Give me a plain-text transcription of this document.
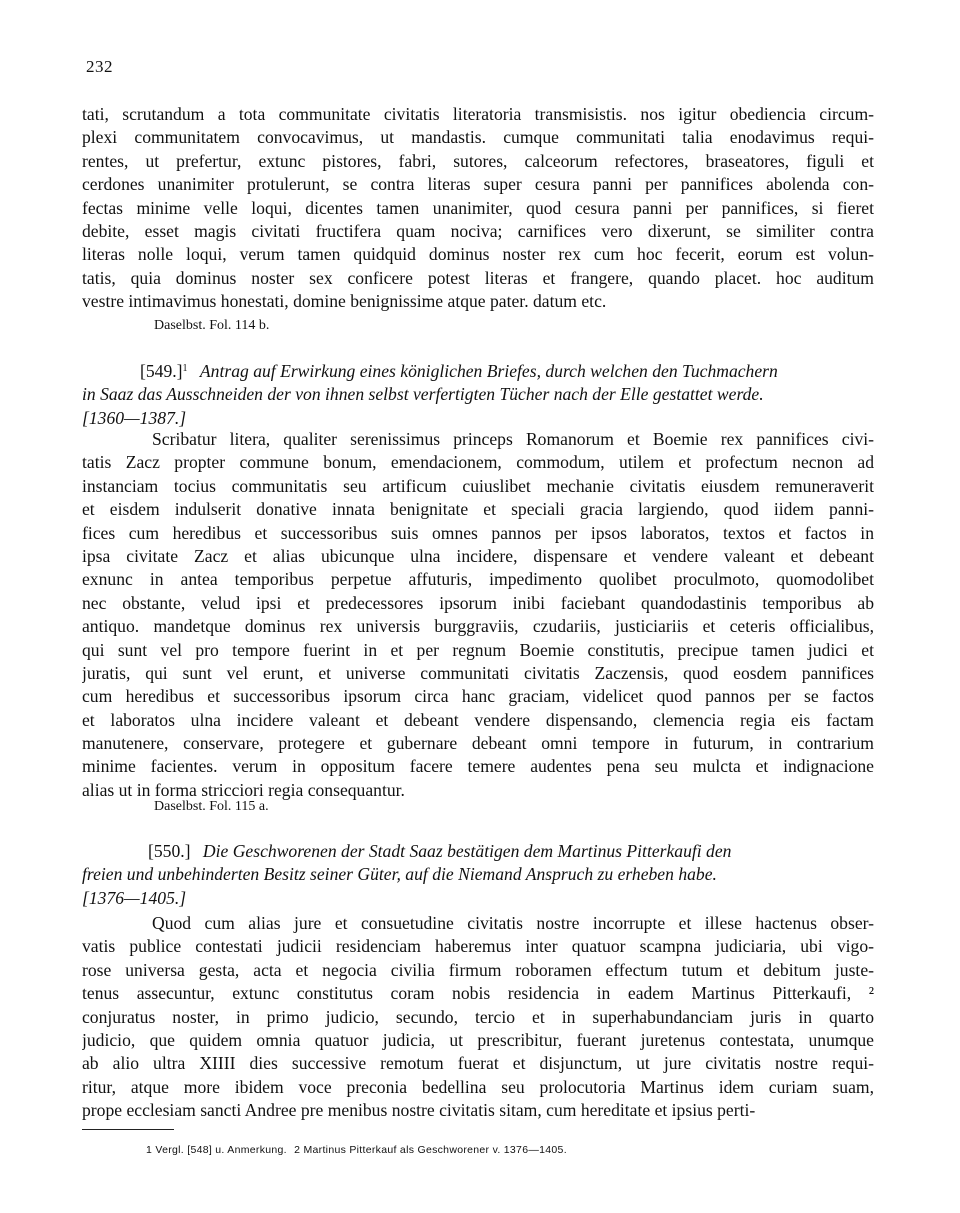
232
tati, scrutandum a tota communitate civitatis literatoria transmisistis. nos igitur obediencia circum-
plexi communitatem convocavimus, ut mandastis. cumque communitati talia enodavimus requi-
rentes, ut prefertur, extunc pistores, fabri, sutores, calceorum refectores, braseatores, figuli et
cerdones unanimiter protulerunt, se contra literas super cesura panni per pannifices abolenda con-
fectas minime velle loqui, dicentes tamen unanimiter, quod cesura panni per pannifices, si fieret
debite, esset magis civitati fructifera quam nociva; carnifices vero dixerunt, se similiter contra
literas nolle loqui, verum tamen quidquid dominus noster rex cum hoc fecerit, eorum est volun-
tatis, quia dominus noster sex conficere potest literas et frangere, quando placet. hoc auditum
vestre intimavimus honestati, domine benignissime atque pater. datum etc.
Daselbst. Fol. 114 b.
$[549.]^1$ Antrag auf Erwirkung eines königlichen Briefes, durch welchen den Tuchmachern
in Saaz das Ausschneiden der von ihnen selbst verfertigten Tücher nach der Elle gestattet werde.
[1360—1387.]
Scribatur litera, qualiter serenissimus princeps Romanorum et Boemie rex pannifices civi-
tatis Zacz propter commune bonum, emendacionem, commodum, utilem et profectum necnon ad
instanciam tocius communitatis seu artificum cuiuslibet mechanie civitatis eiusdem remuneraverit
et eisdem indulserit donative innata benignitate et speciali gracia largiendo, quod iidem panni-
fices cum heredibus et successoribus suis omnes pannos per ipsos laboratos, textos et factos in
ipsa civitate Zacz et alias ubicunque ulna incidere, dispensare et vendere valeant et debeant
exnunc in antea temporibus perpetue affuturis, impedimento quolibet proculmoto, quomodolibet
nec obstante, velud ipsi et predecessores ipsorum inibi faciebant quandodastinis temporibus ab
antiquo. mandetque dominus rex universis burggraviis, czudariis, justiciariis et ceteris officialibus,
qui sunt vel pro tempore fuerint in et per regnum Boemie constitutis, precipue tamen judici et
juratis, qui sunt vel erunt, et universe communitati civitatis Zaczensis, quod eosdem pannifices
cum heredibus et successoribus ipsorum circa hanc graciam, videlicet quod pannos per se factos
et laboratos ulna incidere valeant et debeant vendere dispensando, clemencia regia eis factam
manutenere, conservare, protegere et gubernare debeant omni tempore in futurum, in contrarium
minime facientes. verum in oppositum facere temere audentes pena seu mulcta et indignacione
alias ut in forma stricciori regia consequantur.
Daselbst. Fol. 115 a.
[550.] Die Geschworenen der Stadt Saaz bestätigen dem Martinus Pitterkaufi den
freien und unbehinderten Besitz seiner Güter, auf die Niemand Anspruch zu erheben habe.
[1376—1405.]
Quod cum alias jure et consuetudine civitatis nostre incorrupte et illese hactenus obser-
vatis publice contestati judicii residenciam haberemus inter quatuor scampna judiciaria, ubi vigo-
rose universa gesta, acta et negocia civilia firmum roboramen effectum tutum et debitum juste-
tenus assecuntur, extunc constitutus coram nobis residencia in eadem Martinus Pitterkaufi, ²
conjuratus noster, in primo judicio, secundo, tercio et in superhabundanciam juris in quarto
judicio, que quidem omnia quatuor judicia, ut prescribitur, fuerant juretenus contestata, unumque
ab alio ultra XIIII dies successive remotum fuerat et disjunctum, ut jure civitatis nostre requi-
ritur, atque more ibidem voce preconia bedellina seu prolocutoria Martinus idem curiam suam,
prope ecclesiam sancti Andree pre menibus nostre civitatis sitam, cum hereditate et ipsius perti-
1 Vergl. [548] u. Anmerkung. 2 Martinus Pitterkauf als Geschworener v. 1376—1405.
